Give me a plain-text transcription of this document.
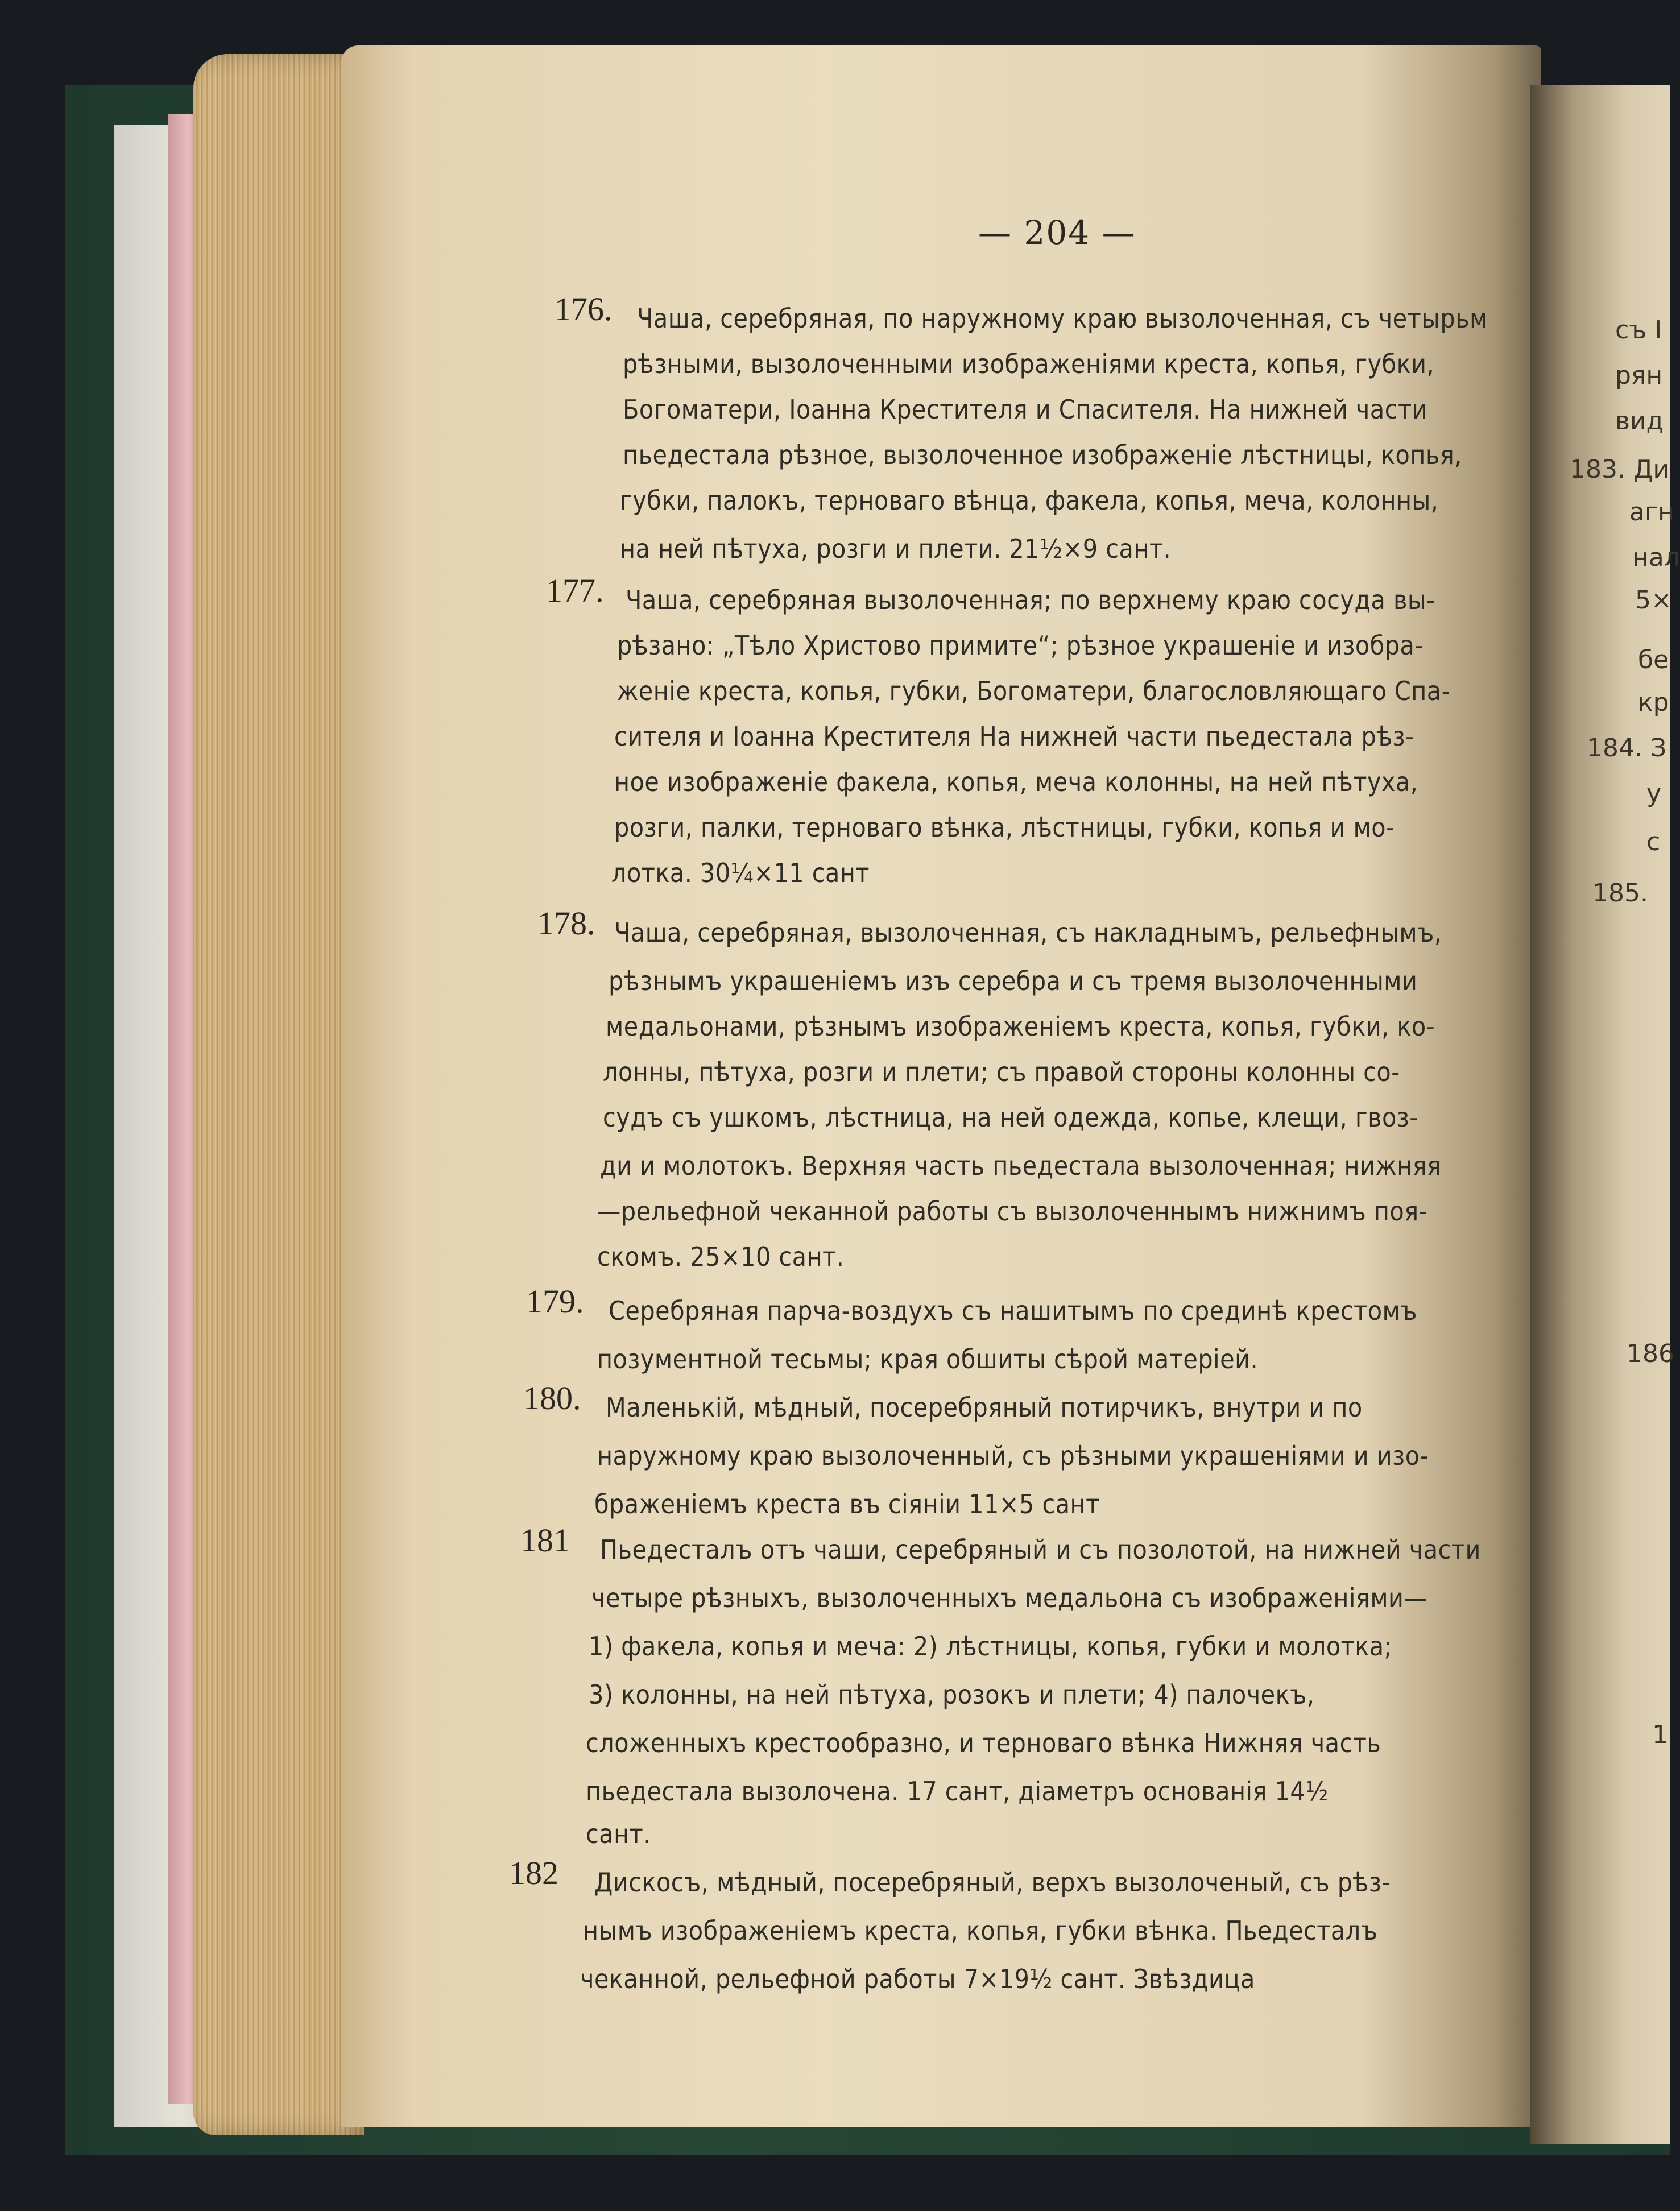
— 204 —
176. Чаша, серебряная, по наружному краю вызолоченная, съ четырьм
рѣзными, вызолоченными изображеніями креста, копья, губки,
Богоматери, Іоанна Крестителя и Спасителя. На нижней части
пьедестала рѣзное, вызолоченное изображеніе лѣстницы, копья,
губки, палокъ, терноваго вѣнца, факела, копья, меча, колонны,
на ней пѣтуха, розги и плети. 21½×9 сант.
177. Чаша, серебряная вызолоченная; по верхнему краю сосуда вы-
рѣзано: „Тѣло Христово примите“; рѣзное украшеніе и изобра-
женіе креста, копья, губки, Богоматери, благословляющаго Спа-
сителя и Іоанна Крестителя На нижней части пьедестала рѣз-
ное изображеніе факела, копья, меча колонны, на ней пѣтуха,
розги, палки, терноваго вѣнка, лѣстницы, губки, копья и мо-
лотка. 30¼×11 сант
178. Чаша, серебряная, вызолоченная, съ накладнымъ, рельефнымъ,
рѣзнымъ украшеніемъ изъ серебра и съ тремя вызолоченными
медальонами, рѣзнымъ изображеніемъ креста, копья, губки, ко-
лонны, пѣтуха, розги и плети; съ правой стороны колонны со-
судъ съ ушкомъ, лѣстница, на ней одежда, копье, клещи, гвоз-
ди и молотокъ. Верхняя часть пьедестала вызолоченная; нижняя
—рельефной чеканной работы съ вызолоченнымъ нижнимъ поя-
скомъ. 25×10 сант.
179. Серебряная парча-воздухъ съ нашитымъ по срединѣ крестомъ
позументной тесьмы; края обшиты сѣрой матеріей.
180. Маленькій, мѣдный, посеребряный потирчикъ, внутри и по
наружному краю вызолоченный, съ рѣзными украшеніями и изо-
браженіемъ креста въ сіяніи 11×5 сант
181 Пьедесталъ отъ чаши, серебряный и съ позолотой, на нижней части
четыре рѣзныхъ, вызолоченныхъ медальона съ изображеніями—
1) факела, копья и меча: 2) лѣстницы, копья, губки и молотка;
3) колонны, на ней пѣтуха, розокъ и плети; 4) палочекъ,
сложенныхъ крестообразно, и терноваго вѣнка Нижняя часть
пьедестала вызолочена. 17 сант, діаметръ основанія 14½
сант.
182 Дискосъ, мѣдный, посеребряный, верхъ вызолоченый, съ рѣз-
нымъ изображеніемъ креста, копья, губки вѣнка. Пьедесталъ
чеканной, рельефной работы 7×19½ сант. Звѣздица
съ I
рян
вид
183. Ди
агн
нал
5×
бе
кр
184. З
у
с
185.
186
1
